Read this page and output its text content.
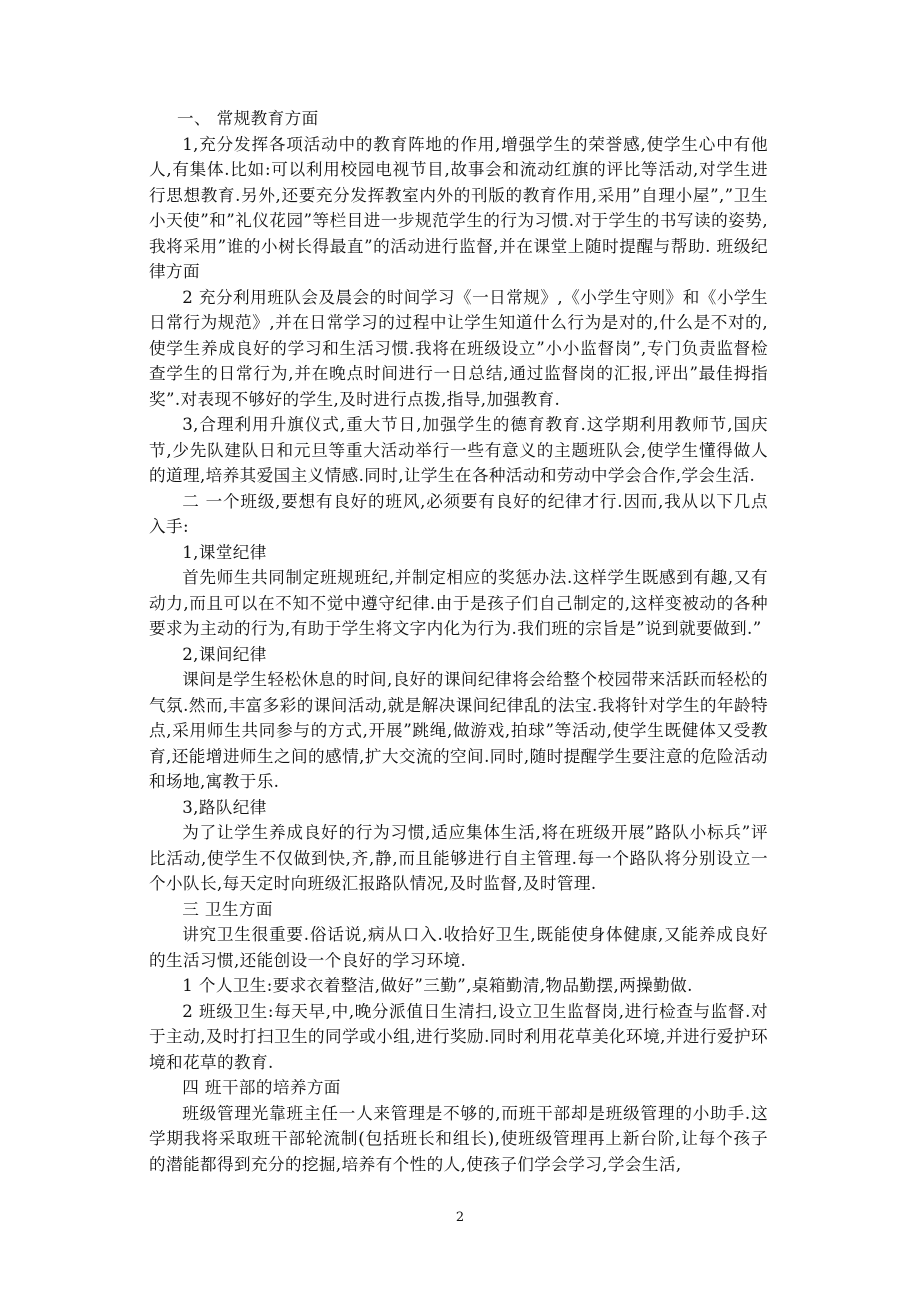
一、 常规教育方面

1,充分发挥各项活动中的教育阵地的作用,增强学生的荣誉感,使学生心中有他人,有集体.比如:可以利用校园电视节目,故事会和流动红旗的评比等活动,对学生进行思想教育.另外,还要充分发挥教室内外的刊版的教育作用,采用”自理小屋”,”卫生小天使”和”礼仪花园”等栏目进一步规范学生的行为习惯.对于学生的书写读的姿势,我将采用”谁的小树长得最直”的活动进行监督,并在课堂上随时提醒与帮助. 班级纪律方面

2 充分利用班队会及晨会的时间学习《一日常规》,《小学生守则》和《小学生日常行为规范》,并在日常学习的过程中让学生知道什么行为是对的,什么是不对的,使学生养成良好的学习和生活习惯.我将在班级设立”小小监督岗”,专门负责监督检查学生的日常行为,并在晚点时间进行一日总结,通过监督岗的汇报,评出”最佳拇指奖”.对表现不够好的学生,及时进行点拨,指导,加强教育.

3,合理利用升旗仪式,重大节日,加强学生的德育教育.这学期利用教师节,国庆节,少先队建队日和元旦等重大活动举行一些有意义的主题班队会,使学生懂得做人的道理,培养其爱国主义情感.同时,让学生在各种活动和劳动中学会合作,学会生活.

二 一个班级,要想有良好的班风,必须要有良好的纪律才行.因而,我从以下几点入手:

1,课堂纪律

首先师生共同制定班规班纪,并制定相应的奖惩办法.这样学生既感到有趣,又有动力,而且可以在不知不觉中遵守纪律.由于是孩子们自己制定的,这样变被动的各种要求为主动的行为,有助于学生将文字内化为行为.我们班的宗旨是”说到就要做到.”

2,课间纪律

课间是学生轻松休息的时间,良好的课间纪律将会给整个校园带来活跃而轻松的气氛.然而,丰富多彩的课间活动,就是解决课间纪律乱的法宝.我将针对学生的年龄特点,采用师生共同参与的方式,开展”跳绳,做游戏,拍球”等活动,使学生既健体又受教育,还能增进师生之间的感情,扩大交流的空间.同时,随时提醒学生要注意的危险活动和场地,寓教于乐.

3,路队纪律

为了让学生养成良好的行为习惯,适应集体生活,将在班级开展”路队小标兵”评比活动,使学生不仅做到快,齐,静,而且能够进行自主管理.每一个路队将分别设立一个小队长,每天定时向班级汇报路队情况,及时监督,及时管理.

三 卫生方面

讲究卫生很重要.俗话说,病从口入.收拾好卫生,既能使身体健康,又能养成良好的生活习惯,还能创设一个良好的学习环境.

1 个人卫生:要求衣着整洁,做好”三勤”,桌箱勤清,物品勤摆,两操勤做.

2 班级卫生:每天早,中,晚分派值日生清扫,设立卫生监督岗,进行检查与监督.对于主动,及时打扫卫生的同学或小组,进行奖励.同时利用花草美化环境,并进行爱护环境和花草的教育.

四 班干部的培养方面

班级管理光靠班主任一人来管理是不够的,而班干部却是班级管理的小助手.这学期我将采取班干部轮流制(包括班长和组长),使班级管理再上新台阶,让每个孩子的潜能都得到充分的挖掘,培养有个性的人,使孩子们学会学习,学会生活,

2
